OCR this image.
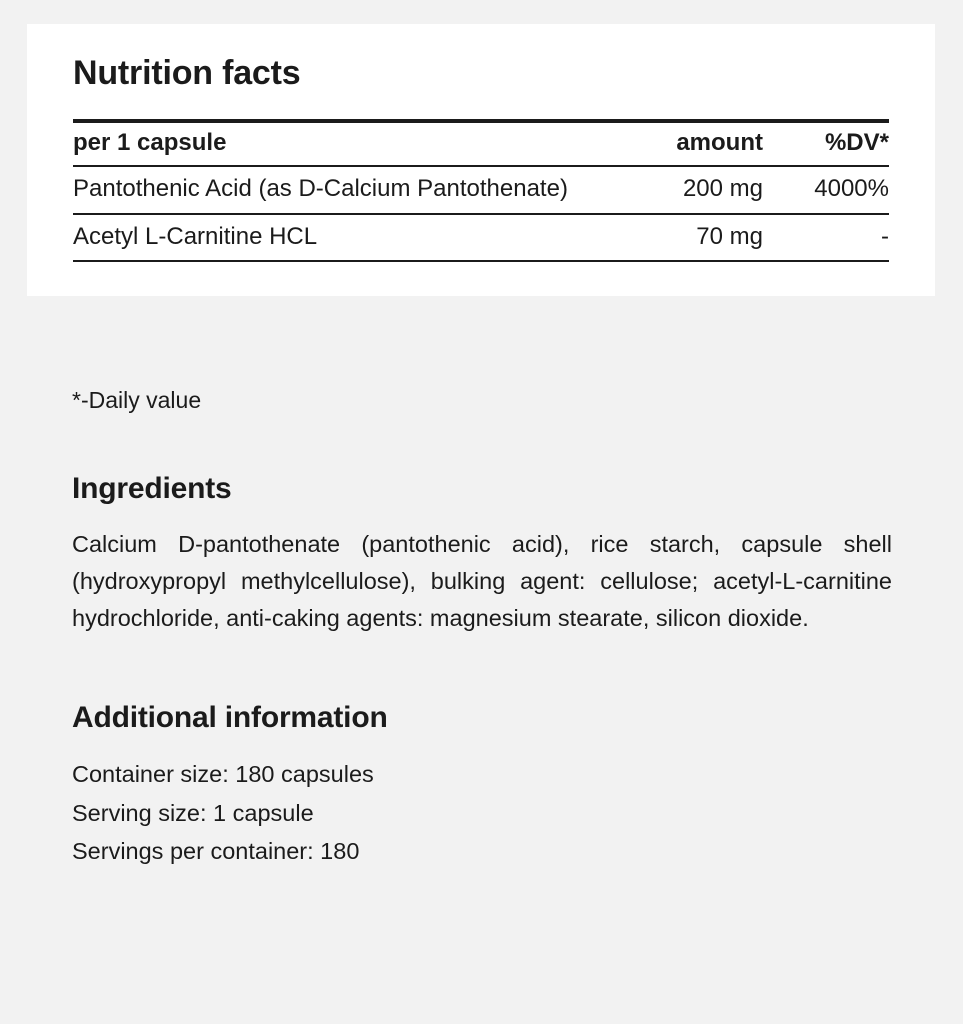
Nutrition facts
per 1 capsule	amount	%DV*
Pantothenic Acid (as D-Calcium Pantothenate)	200 mg	4000%
Acetyl L-Carnitine HCL	70 mg	-

*-Daily value

Ingredients

Calcium D-pantothenate (pantothenic acid), rice starch, capsule shell (hydroxypropyl methylcellulose), bulking agent: cellulose; acetyl-L-carnitine hydrochloride, anti-caking agents: magnesium stearate, silicon dioxide.

Additional information
Container size: 180 capsules
Serving size: 1 capsule
Servings per container: 180
